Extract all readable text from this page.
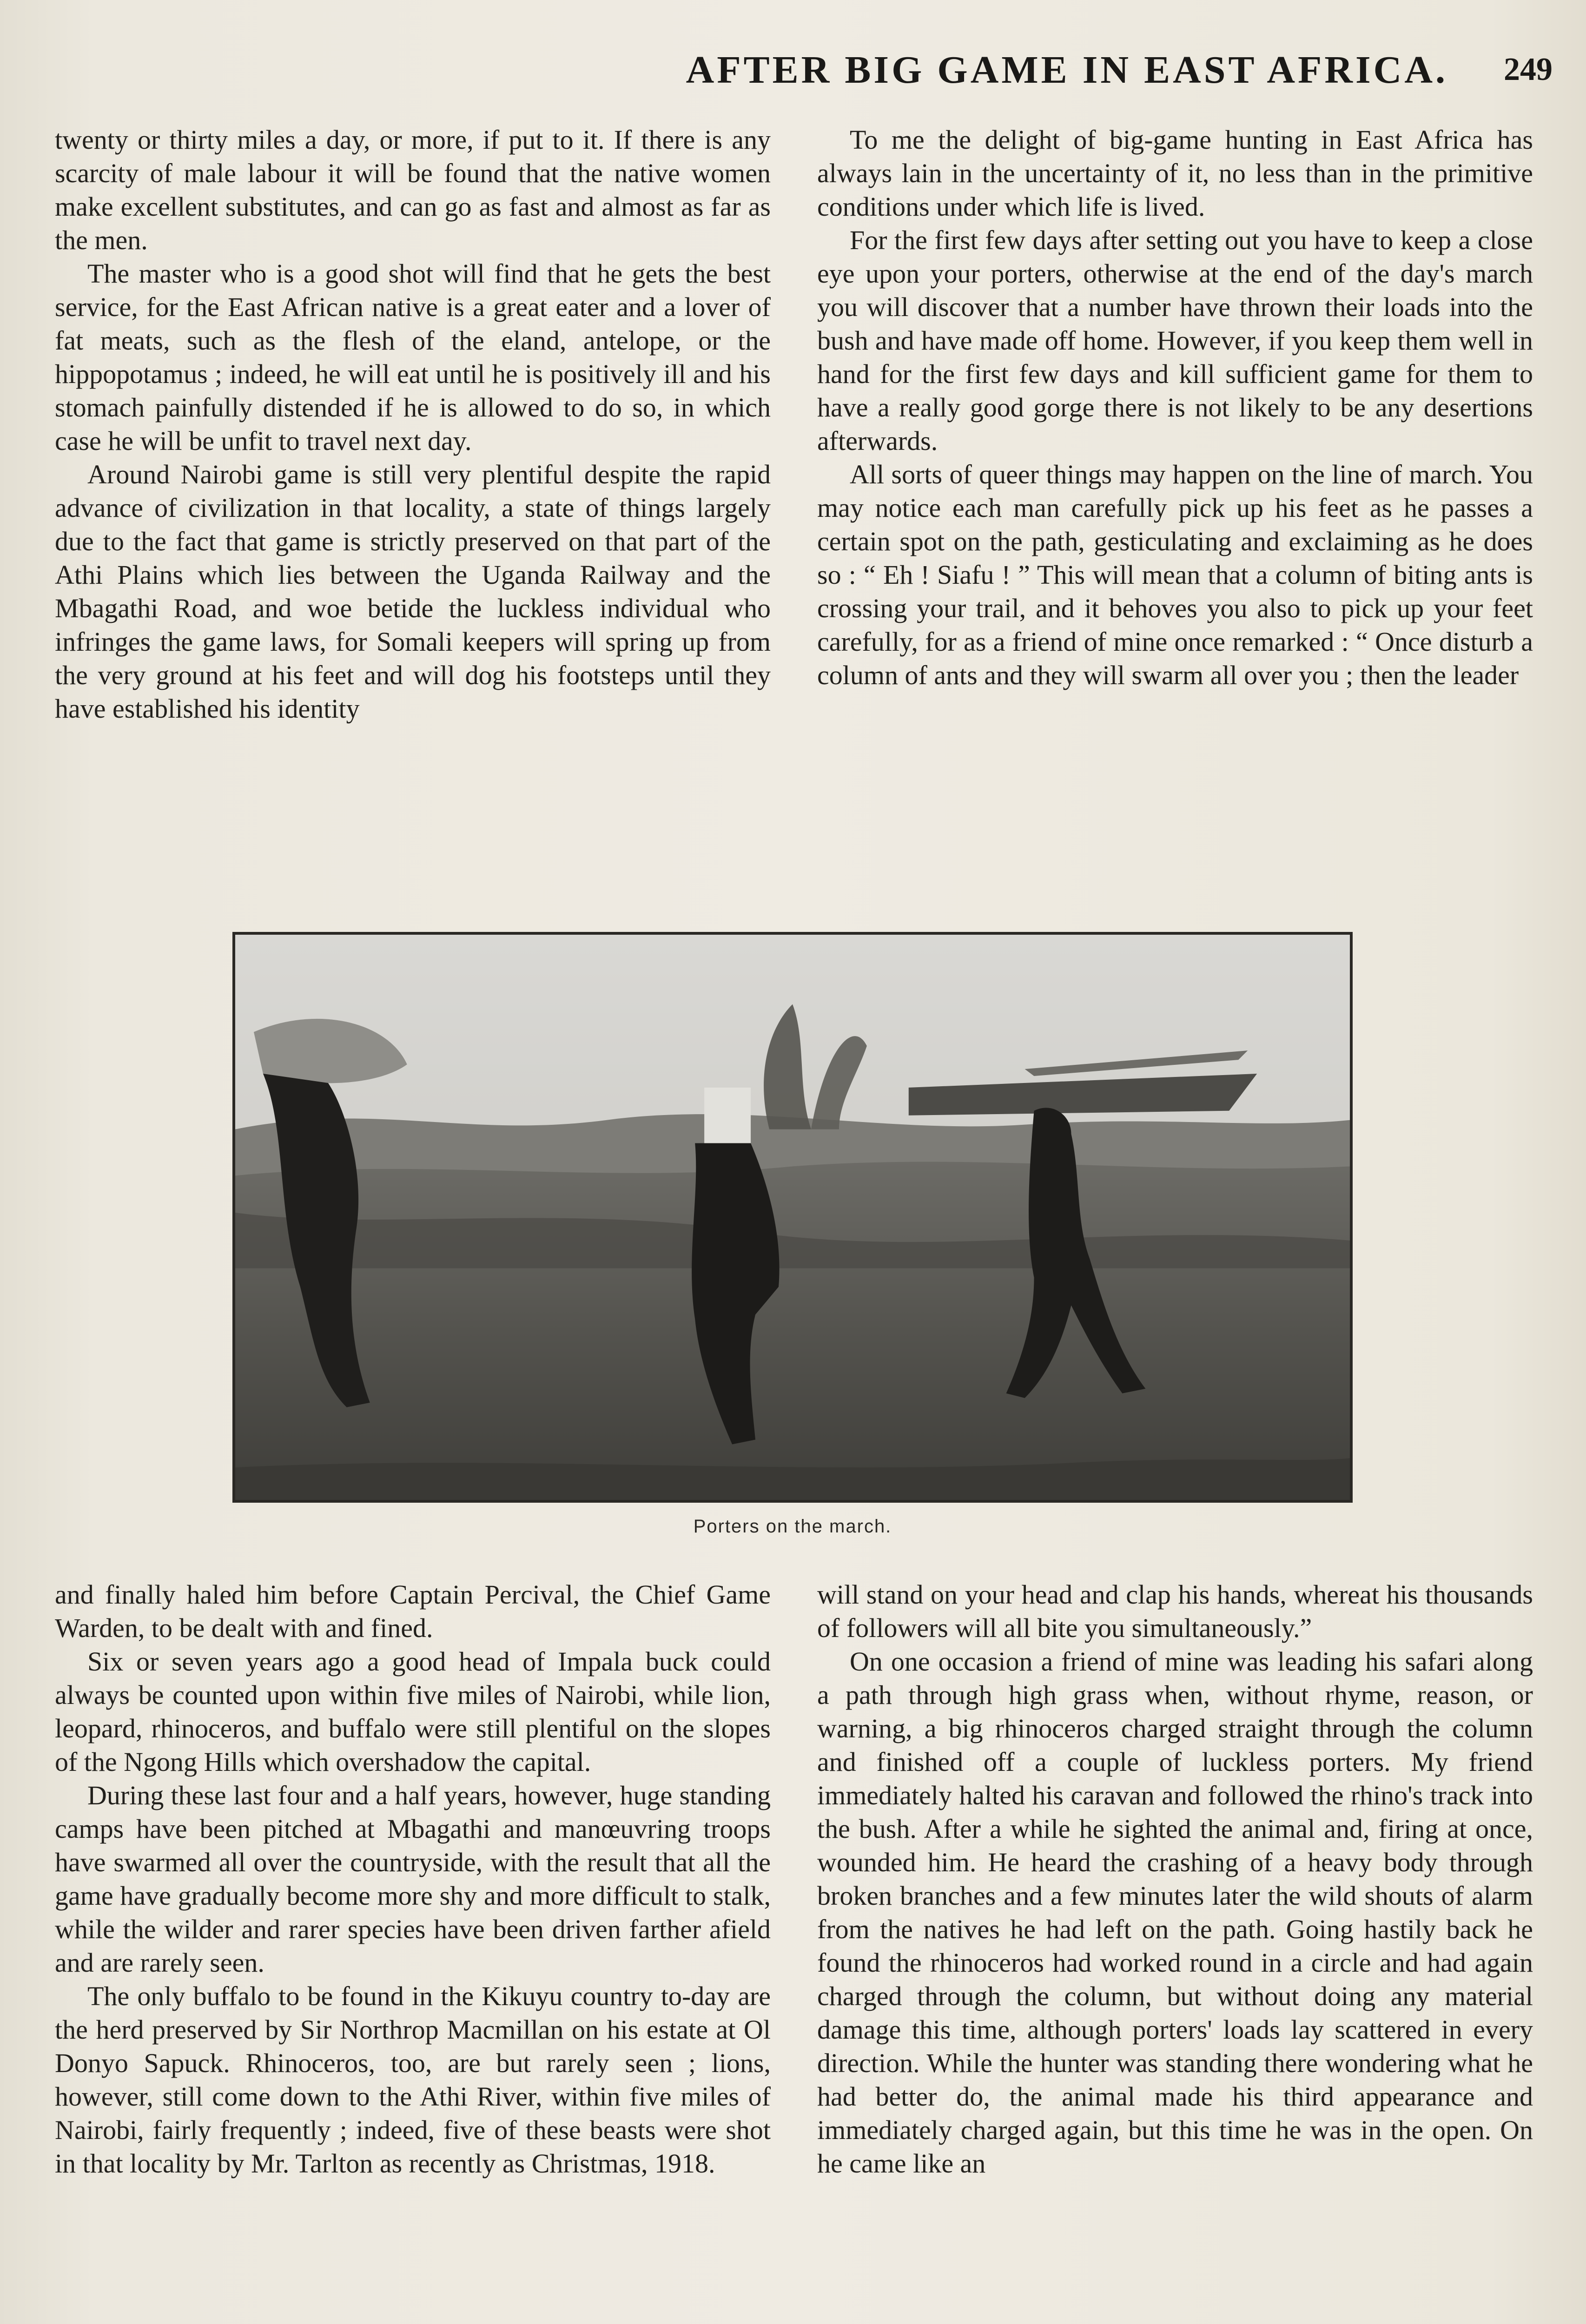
AFTER BIG GAME IN EAST AFRICA. 249

twenty or thirty miles a day, or more, if put to it. If there is any scarcity of male labour it will be found that the native women make excellent substitutes, and can go as fast and almost as far as the men.

The master who is a good shot will find that he gets the best service, for the East African native is a great eater and a lover of fat meats, such as the flesh of the eland, antelope, or the hippopotamus ; indeed, he will eat until he is positively ill and his stomach painfully distended if he is allowed to do so, in which case he will be unfit to travel next day.

Around Nairobi game is still very plentiful despite the rapid advance of civilization in that locality, a state of things largely due to the fact that game is strictly preserved on that part of the Athi Plains which lies between the Uganda Railway and the Mbagathi Road, and woe betide the luckless individual who infringes the game laws, for Somali keepers will spring up from the very ground at his feet and will dog his footsteps until they have established his identity

To me the delight of big-game hunting in East Africa has always lain in the uncertainty of it, no less than in the primitive conditions under which life is lived.

For the first few days after setting out you have to keep a close eye upon your porters, otherwise at the end of the day's march you will discover that a number have thrown their loads into the bush and have made off home. However, if you keep them well in hand for the first few days and kill sufficient game for them to have a really good gorge there is not likely to be any desertions afterwards.

All sorts of queer things may happen on the line of march. You may notice each man carefully pick up his feet as he passes a certain spot on the path, gesticulating and exclaiming as he does so : “ Eh ! Siafu ! ” This will mean that a column of biting ants is crossing your trail, and it behoves you also to pick up your feet carefully, for as a friend of mine once remarked : “ Once disturb a column of ants and they will swarm all over you ; then the leader

Porters on the march.

and finally haled him before Captain Percival, the Chief Game Warden, to be dealt with and fined.

Six or seven years ago a good head of Impala buck could always be counted upon within five miles of Nairobi, while lion, leopard, rhinoceros, and buffalo were still plentiful on the slopes of the Ngong Hills which overshadow the capital.

During these last four and a half years, however, huge standing camps have been pitched at Mbagathi and manœuvring troops have swarmed all over the countryside, with the result that all the game have gradually become more shy and more difficult to stalk, while the wilder and rarer species have been driven farther afield and are rarely seen.

The only buffalo to be found in the Kikuyu country to-day are the herd preserved by Sir Northrop Macmillan on his estate at Ol Donyo Sapuck. Rhinoceros, too, are but rarely seen ; lions, however, still come down to the Athi River, within five miles of Nairobi, fairly frequently ; indeed, five of these beasts were shot in that locality by Mr. Tarlton as recently as Christmas, 1918.

will stand on your head and clap his hands, whereat his thousands of followers will all bite you simultaneously.”

On one occasion a friend of mine was leading his safari along a path through high grass when, without rhyme, reason, or warning, a big rhinoceros charged straight through the column and finished off a couple of luckless porters. My friend immediately halted his caravan and followed the rhino's track into the bush. After a while he sighted the animal and, firing at once, wounded him. He heard the crashing of a heavy body through broken branches and a few minutes later the wild shouts of alarm from the natives he had left on the path. Going hastily back he found the rhinoceros had worked round in a circle and had again charged through the column, but without doing any material damage this time, although porters' loads lay scattered in every direction. While the hunter was standing there wondering what he had better do, the animal made his third appearance and immediately charged again, but this time he was in the open. On he came like an
